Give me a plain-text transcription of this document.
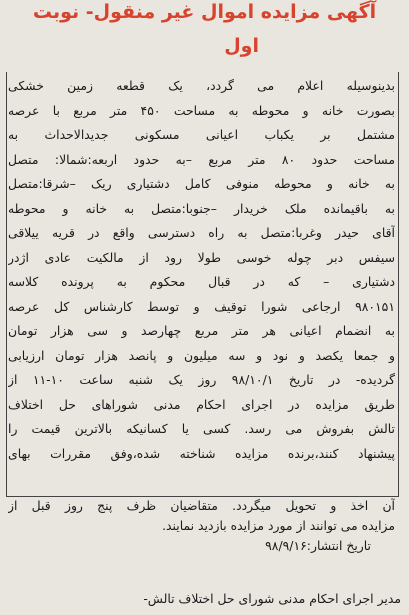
آگهی مزایده اموال غیر منقول- نوبت
اول
بدینوسیله اعلام می گردد، یک قطعه زمین خشکی
بصورت خانه و محوطه به مساحت ۴۵۰ متر مربع با عرصه
مشتمل بر یکباب اعیانی مسکونی جدیدالاحداث به
مساحت حدود ۸۰ متر مربع –به حدود اربعه:شمالا: متصل
به خانه و محوطه منوفی کامل دشتیاری ریک –شرقا:متصل
به باقیمانده ملک خریدار –جنوبا:متصل به خانه و محوطه
آقای حیدر وغربا:متصل به راه دسترسی واقع در قریه ییلاقی
سیفس دبر چوله خوسی طولا رود از مالکیت عادی اژدر
دشتیاری – که در قبال محکوم به پرونده کلاسه
۹۸۰۱۵۱ ارجاعی شورا توقیف و توسط کارشناس کل عرصه
به انضمام اعیانی هر متر مربع چهارصد و سی هزار تومان
و جمعا یکصد و نود و سه میلیون و پانصد هزار تومان ارزیابی
گردیده- در تاریخ ۹۸/۱۰/۱ روز یک شنبه ساعت ۱۰-۱۱ از
طریق مزایده در اجرای احکام مدنی شوراهای حل اختلاف
تالش بفروش می رسد. کسی یا کسانیکه بالاترین قیمت را
پیشنهاد کنند،برنده مزایده شناخته شده،وفق مقررات بهای
آن اخذ و تحویل میگردد. متقاضیان ظرف پنج روز قبل از
مزایده می توانند از مورد مزایده بازدید نمایند.
تاریخ انتشار:۹۸/۹/۱۶
مدیر اجرای احکام مدنی شورای حل اختلاف تالش-
